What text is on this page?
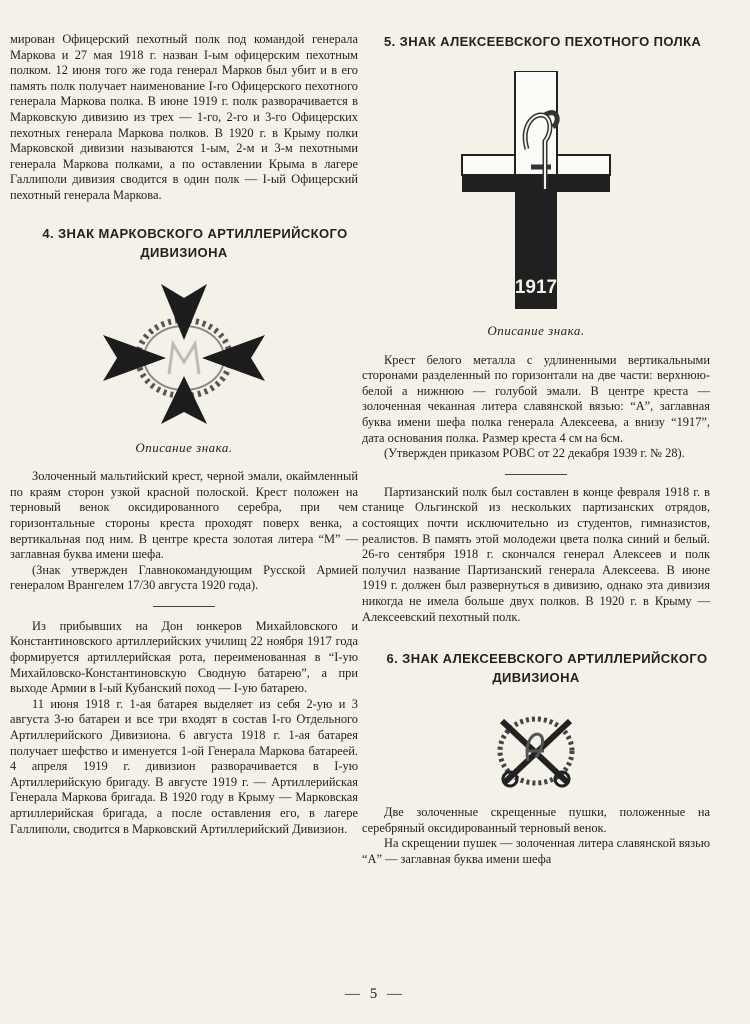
мирован Офицерский пехотный полк под командой генерала Маркова и 27 мая 1918 г. назван I-ым офицерским пехотным полком. 12 июня того же года генерал Марков был убит и в его память полк получает наименование I-го Офицерского пехотного генерала Маркова полка. В июне 1919 г. полк разворачивается в Марковскую дивизию из трех — 1-го, 2-го и 3-го Офицерских пехотных генерала Маркова полков. В 1920 г. в Крыму полки Марковской дивизии называются 1-ым, 2-м и 3-м пехотными генерала Маркова полками, а по оставлении Крыма в лагере Галлиполи дивизия сводится в один полк — I-ый Офицерский пехотный генерала Маркова.

4. ЗНАК МАРКОВСКОГО АРТИЛЛЕРИЙСКОГО
ДИВИЗИОНА

Описание знака.

Золоченный мальтийский крест, черной эмали, окаймленный по краям сторон узкой красной полоской. Крест положен на терновый венок оксидированного серебра, при чем горизонтальные стороны креста проходят поверх венка, а вертикальная под ним. В центре креста золотая литера “М” — заглавная буква имени шефа.

(Знак утвержден Главнокомандующим Русской Армией генералом Врангелем 17/30 августа 1920 года).

Из прибывших на Дон юнкеров Михайловского и Константиновского артиллерийских училищ 22 ноября 1917 года формируется артиллерийская рота, переименованная в “I-ую Михайловско-Константиновскую Сводную батарею”, а при выходе Армии в I-ый Кубанский поход — I-ую батарею.

11 июня 1918 г. 1-ая батарея выделяет из себя 2-ую и 3 августа 3-ю батареи и все три входят в состав I-го Отдельного Артиллерийского Дивизиона. 6 августа 1918 г. 1-ая батарея получает шефство и именуется 1-ой Генерала Маркова батареей. 4 апреля 1919 г. дивизион разворачивается в I-ую Артиллерийскую бригаду. В августе 1919 г. — Артиллерийская Генерала Маркова бригада. В 1920 году в Крыму — Марковская артиллерийская бригада, а после оставления его, в лагере Галлиполи, сводится в Марковский Артиллерийский Дивизион.

5. ЗНАК АЛЕКСЕЕВСКОГО ПЕХОТНОГО ПОЛКА

1917
Описание знака.

Крест белого металла с удлиненными вертикальными сторонами разделенный по горизонтали на две части: верхнюю-белой а нижнюю — голубой эмали. В центре креста — золоченная чеканная литера славянской вязью: “А”, заглавная буква имени шефа полка генерала Алексеева, а внизу “1917”, дата основания полка. Размер креста 4 см на 6см.

(Утвержден приказом РОВС от 22 декабря 1939 г. № 28).

Партизанский полк был составлен в конце февраля 1918 г. в станице Ольгинской из нескольких партизанских отрядов, состоящих почти исключительно из студентов, гимназистов, реалистов. В память этой молодежи цвета полка синий и белый. 26-го сентября 1918 г. скончался генерал Алексеев и полк получил название Партизанский генерала Алексеева. В июне 1919 г. должен был развернуться в дивизию, однако эта дивизия никогда не имела больше двух полков. В 1920 г. в Крыму — Алексеевский пехотный полк.

6. ЗНАК АЛЕКСЕЕВСКОГО АРТИЛЛЕРИЙСКОГО
ДИВИЗИОНА

Две золоченные скрещенные пушки, положенные на серебряный оксидированный терновый венок.

На скрещении пушек — золоченная литера славянской вязью “А” — заглавная буква имени шефа

— 5 —
